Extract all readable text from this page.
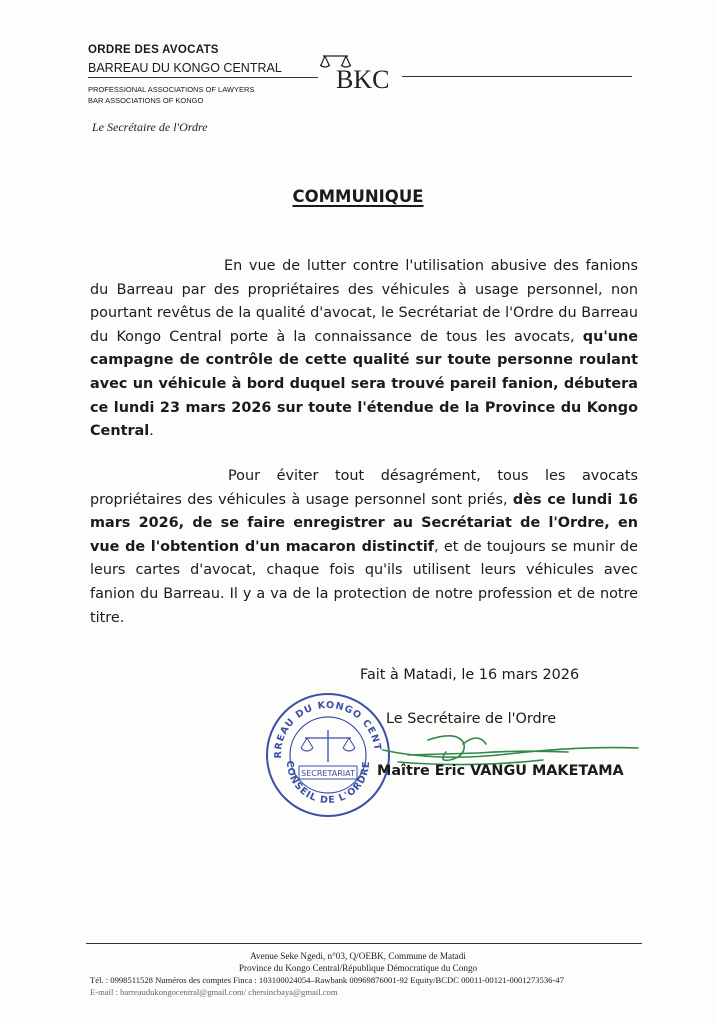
ORDRE DES AVOCATS
BARREAU DU KONGO CENTRAL
PROFESSIONAL ASSOCIATIONS OF LAWYERS
BAR ASSOCIATIONS OF KONGO
BKC
Le Secrétaire de l'Ordre
COMMUNIQUE
En vue de lutter contre l'utilisation abusive des fanions du Barreau par des propriétaires des véhicules à usage personnel, non pourtant revêtus de la qualité d'avocat, le Secrétariat de l'Ordre du Barreau du Kongo Central porte à la connaissance de tous les avocats, qu'une campagne de contrôle de cette qualité sur toute personne roulant avec un véhicule à bord duquel sera trouvé pareil fanion, débutera ce lundi 23 mars 2026 sur toute l'étendue de la Province du Kongo Central.
Pour éviter tout désagrément, tous les avocats propriétaires des véhicules à usage personnel sont priés, dès ce lundi 16 mars 2026, de se faire enregistrer au Secrétariat de l'Ordre, en vue de l'obtention d'un macaron distinctif, et de toujours se munir de leurs cartes d'avocat, chaque fois qu'ils utilisent leurs véhicules avec fanion du Barreau. Il y a va de la protection de notre profession et de notre titre.
RREAU DU KONGO CENT
CONSEIL DE L'ORDRE
SECRETARIAT
Fait à Matadi, le 16 mars 2026
Le Secrétaire de l'Ordre
Maître Eric VANGU MAKETAMA
Avenue Seke Ngedi, n°03, Q/OEBK, Commune de Matadi
Province du Kongo Central/République Démocratique du Congo
Tél. : 0998511528 Numéros des comptes Finca : 103100024054–Rawbank 00969876001-92 Equity/BCDC 00011-00121-0001273536-47
E-mail : barreaudukongocentral@gmail.com/ chersincbaya@gmail.com
